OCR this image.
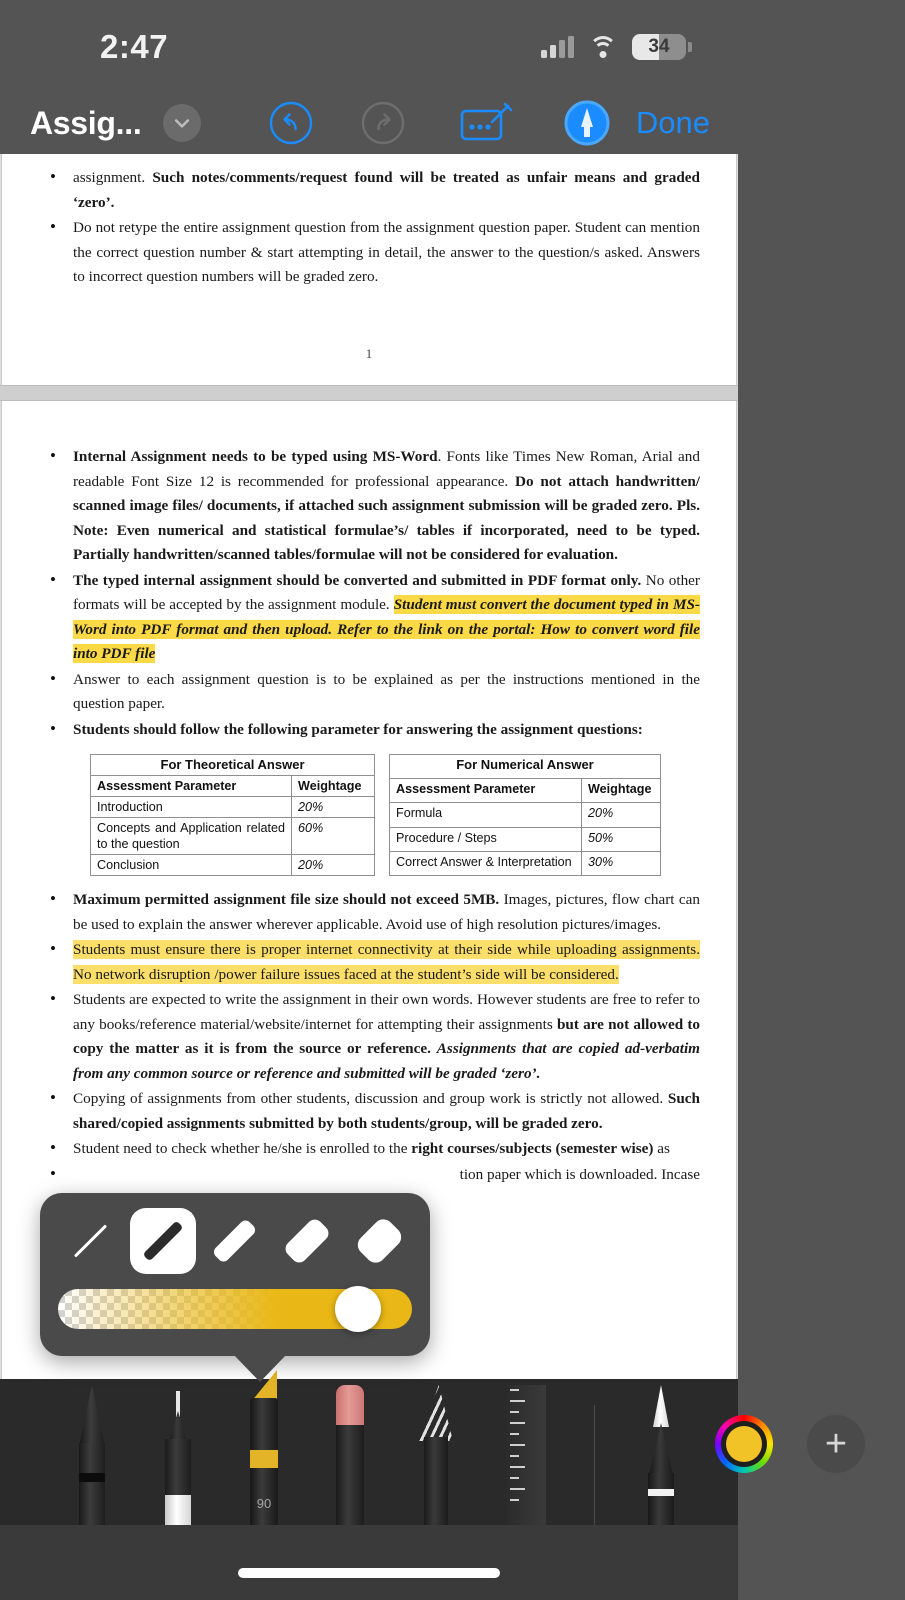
2:47	34
Assig...	Done
• assignment. Such notes/comments/request found will be treated as unfair means and graded ‘zero’.
• Do not retype the entire assignment question from the assignment question paper. Student can mention the correct question number & start attempting in detail, the answer to the question/s asked. Answers to incorrect question numbers will be graded zero.
1
• Internal Assignment needs to be typed using MS-Word. Fonts like Times New Roman, Arial and readable Font Size 12 is recommended for professional appearance. Do not attach handwritten/ scanned image files/ documents, if attached such assignment submission will be graded zero. Pls. Note: Even numerical and statistical formulae’s/ tables if incorporated, need to be typed. Partially handwritten/scanned tables/formulae will not be considered for evaluation.
• The typed internal assignment should be converted and submitted in PDF format only. No other formats will be accepted by the assignment module. Student must convert the document typed in MS-Word into PDF format and then upload. Refer to the link on the portal: How to convert word file into PDF file
• Answer to each assignment question is to be explained as per the instructions mentioned in the question paper.
• Students should follow the following parameter for answering the assignment questions:
For Theoretical Answer	
Assessment Parameter	Weightage
Introduction	20%
Concepts and Application related to the question	60%
Conclusion	20%
For Numerical Answer	
Assessment Parameter	Weightage
Formula	20%
Procedure / Steps	50%
Correct Answer & Interpretation	30%
• Maximum permitted assignment file size should not exceed 5MB. Images, pictures, flow chart can be used to explain the answer wherever applicable. Avoid use of high resolution pictures/images.
• Students must ensure there is proper internet connectivity at their side while uploading assignments. No network disruption /power failure issues faced at the student’s side will be considered.
• Students are expected to write the assignment in their own words. However students are free to refer to any books/reference material/website/internet for attempting their assignments but are not allowed to copy the matter as it is from the source or reference. Assignments that are copied ad-verbatim from any common source or reference and submitted will be graded ‘zero’.
• Copying of assignments from other students, discussion and group work is strictly not allowed. Such shared/copied assignments submitted by both students/group, will be graded zero.
• Student need to check whether he/she is enrolled to the right courses/subjects (semester wise) as
• tion paper which is downloaded. Incase
90
+
